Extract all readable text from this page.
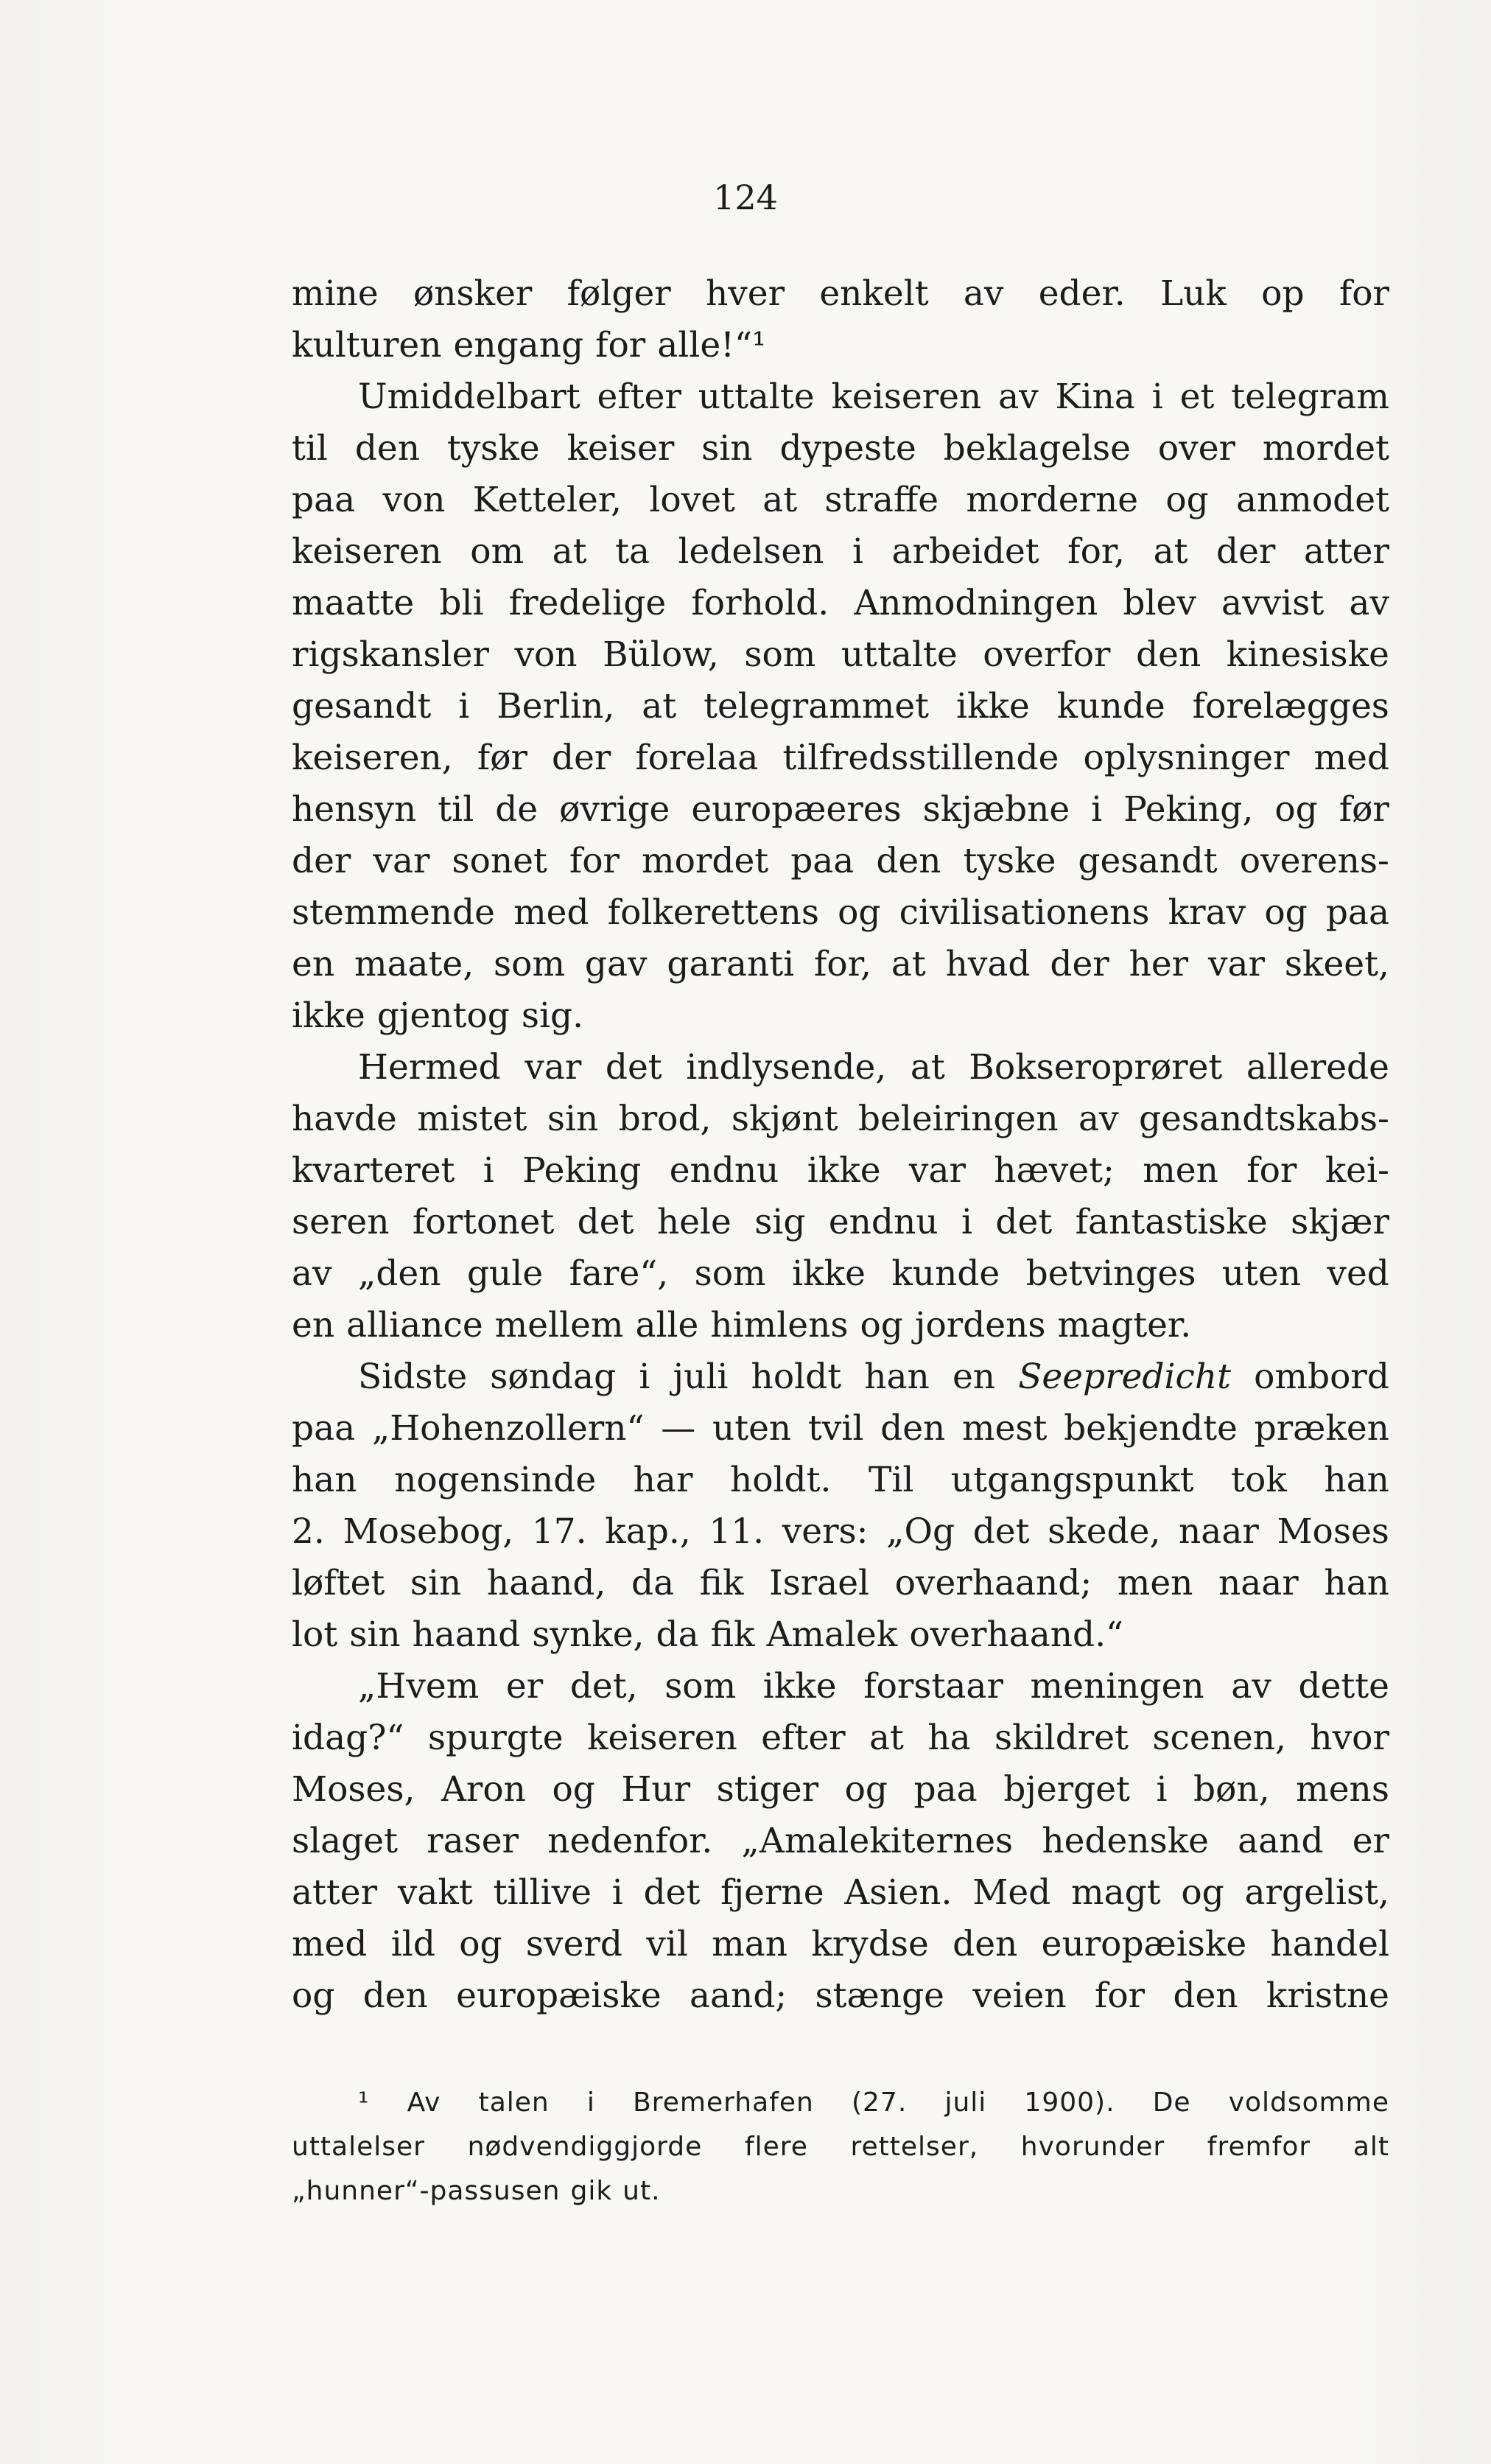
124
mine ønsker følger hver enkelt av eder. Luk op for
kulturen engang for alle!“¹
Umiddelbart efter uttalte keiseren av Kina i et telegram
til den tyske keiser sin dypeste beklagelse over mordet
paa von Ketteler, lovet at straffe morderne og anmodet
keiseren om at ta ledelsen i arbeidet for, at der atter
maatte bli fredelige forhold. Anmodningen blev avvist av
rigskansler von Bülow, som uttalte overfor den kinesiske
gesandt i Berlin, at telegrammet ikke kunde forelægges
keiseren, før der forelaa tilfredsstillende oplysninger med
hensyn til de øvrige europæeres skjæbne i Peking, og før
der var sonet for mordet paa den tyske gesandt overens-
stemmende med folkerettens og civilisationens krav og paa
en maate, som gav garanti for, at hvad der her var skeet,
ikke gjentog sig.
Hermed var det indlysende, at Bokseroprøret allerede
havde mistet sin brod, skjønt beleiringen av gesandtskabs-
kvarteret i Peking endnu ikke var hævet; men for kei-
seren fortonet det hele sig endnu i det fantastiske skjær
av „den gule fare“, som ikke kunde betvinges uten ved
en alliance mellem alle himlens og jordens magter.
Sidste søndag i juli holdt han en Seepredicht ombord
paa „Hohenzollern“ — uten tvil den mest bekjendte præken
han nogensinde har holdt. Til utgangspunkt tok han
2. Mosebog, 17. kap., 11. vers: „Og det skede, naar Moses
løftet sin haand, da fik Israel overhaand; men naar han
lot sin haand synke, da fik Amalek overhaand.“
„Hvem er det, som ikke forstaar meningen av dette
idag?“ spurgte keiseren efter at ha skildret scenen, hvor
Moses, Aron og Hur stiger og paa bjerget i bøn, mens
slaget raser nedenfor. „Amalekiternes hedenske aand er
atter vakt tillive i det fjerne Asien. Med magt og argelist,
med ild og sverd vil man krydse den europæiske handel
og den europæiske aand; stænge veien for den kristne
¹ Av talen i Bremerhafen (27. juli 1900). De voldsomme
uttalelser nødvendiggjorde flere rettelser, hvorunder fremfor alt
„hunner“-passusen gik ut.
